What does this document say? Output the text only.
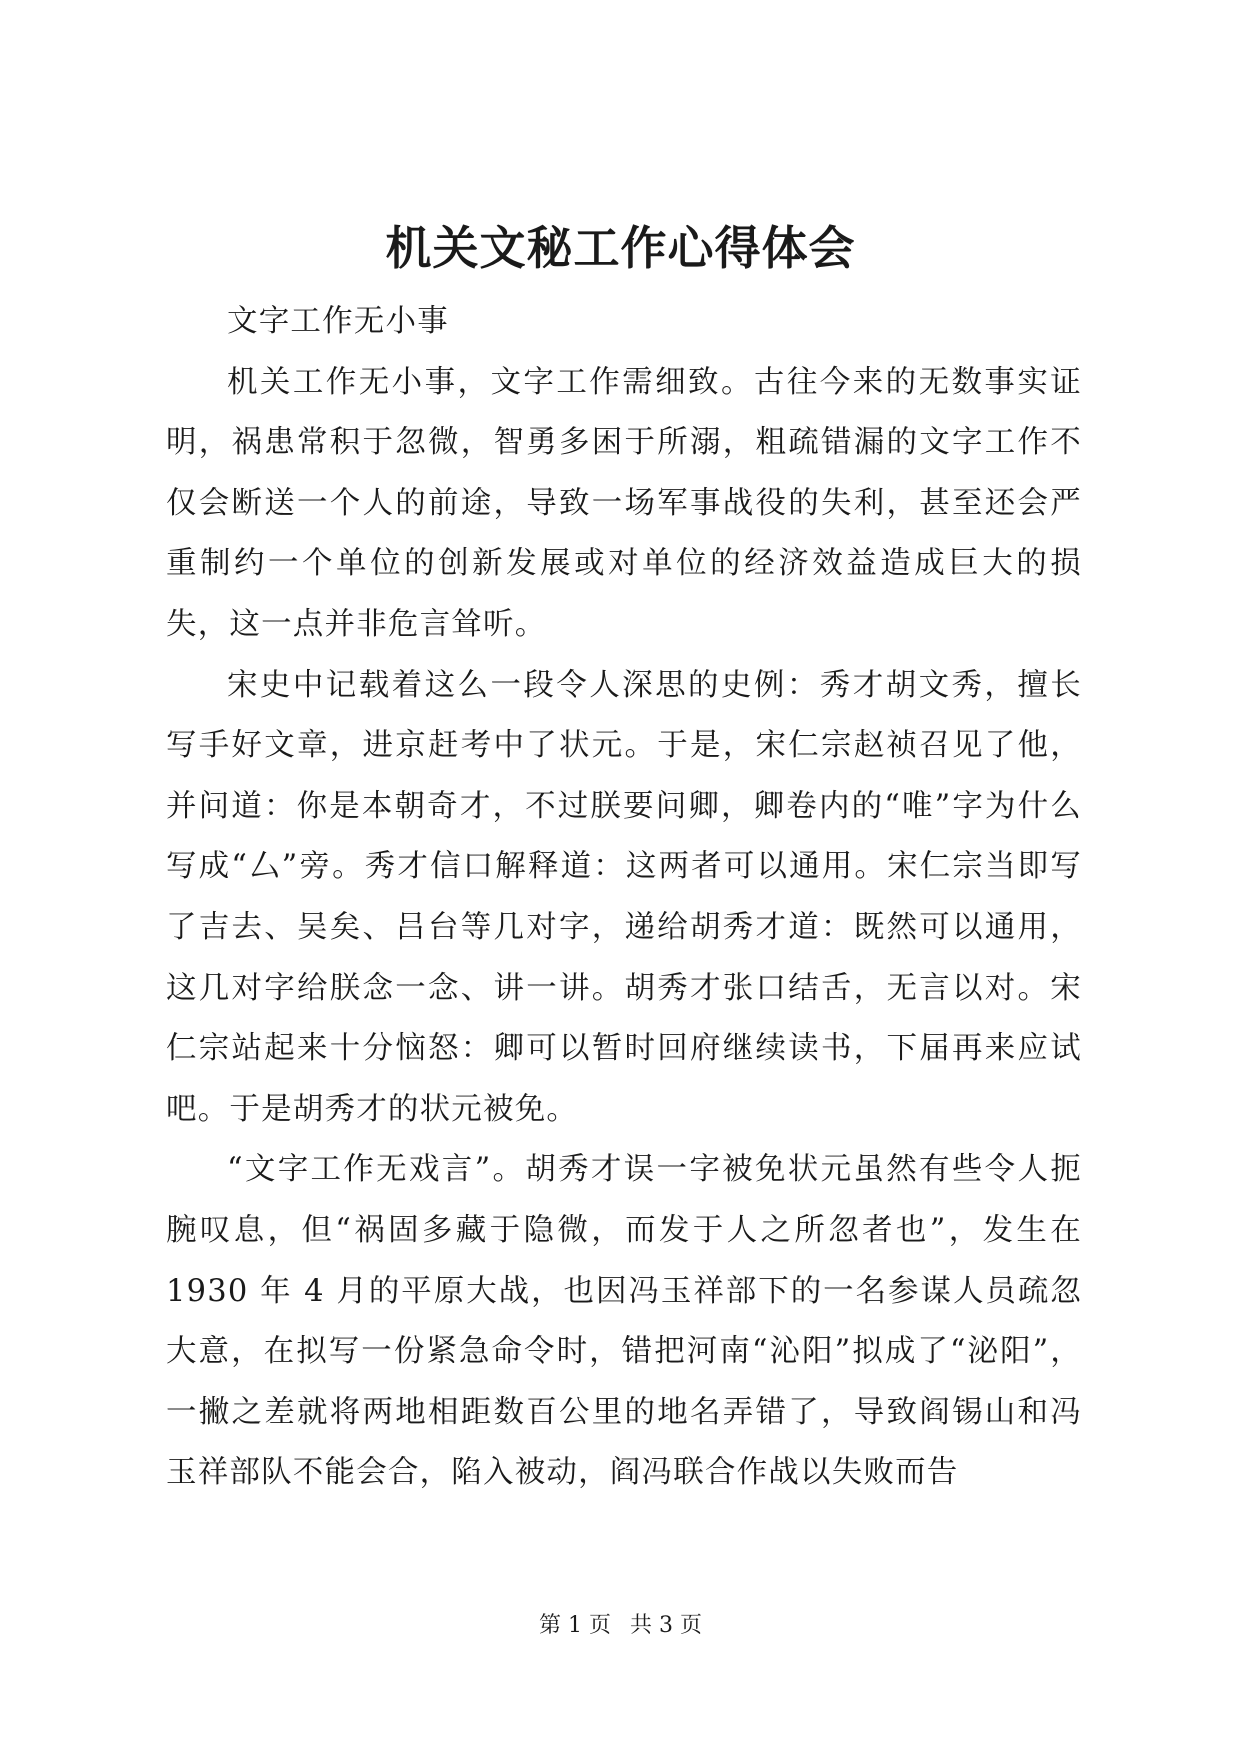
机关文秘工作心得体会

文字工作无小事

机关工作无小事，文字工作需细致。古往今来的无数事实证明，祸患常积于忽微，智勇多困于所溺，粗疏错漏的文字工作不仅会断送一个人的前途，导致一场军事战役的失利，甚至还会严重制约一个单位的创新发展或对单位的经济效益造成巨大的损失，这一点并非危言耸听。

宋史中记载着这么一段令人深思的史例：秀才胡文秀，擅长写手好文章，进京赶考中了状元。于是，宋仁宗赵祯召见了他，并问道：你是本朝奇才，不过朕要问卿，卿卷内的“唯”字为什么写成“厶”旁。秀才信口解释道：这两者可以通用。宋仁宗当即写了吉去、吴矣、吕台等几对字，递给胡秀才道：既然可以通用，这几对字给朕念一念、讲一讲。胡秀才张口结舌，无言以对。宋仁宗站起来十分恼怒：卿可以暂时回府继续读书，下届再来应试吧。于是胡秀才的状元被免。

“文字工作无戏言”。胡秀才误一字被免状元虽然有些令人扼腕叹息，但“祸固多藏于隐微，而发于人之所忽者也”，发生在 1930 年 4 月的平原大战，也因冯玉祥部下的一名参谋人员疏忽大意，在拟写一份紧急命令时，错把河南“沁阳”拟成了“泌阳”，一撇之差就将两地相距数百公里的地名弄错了，导致阎锡山和冯玉祥部队不能会合，陷入被动，阎冯联合作战以失败而告

第 1 页 共 3 页
